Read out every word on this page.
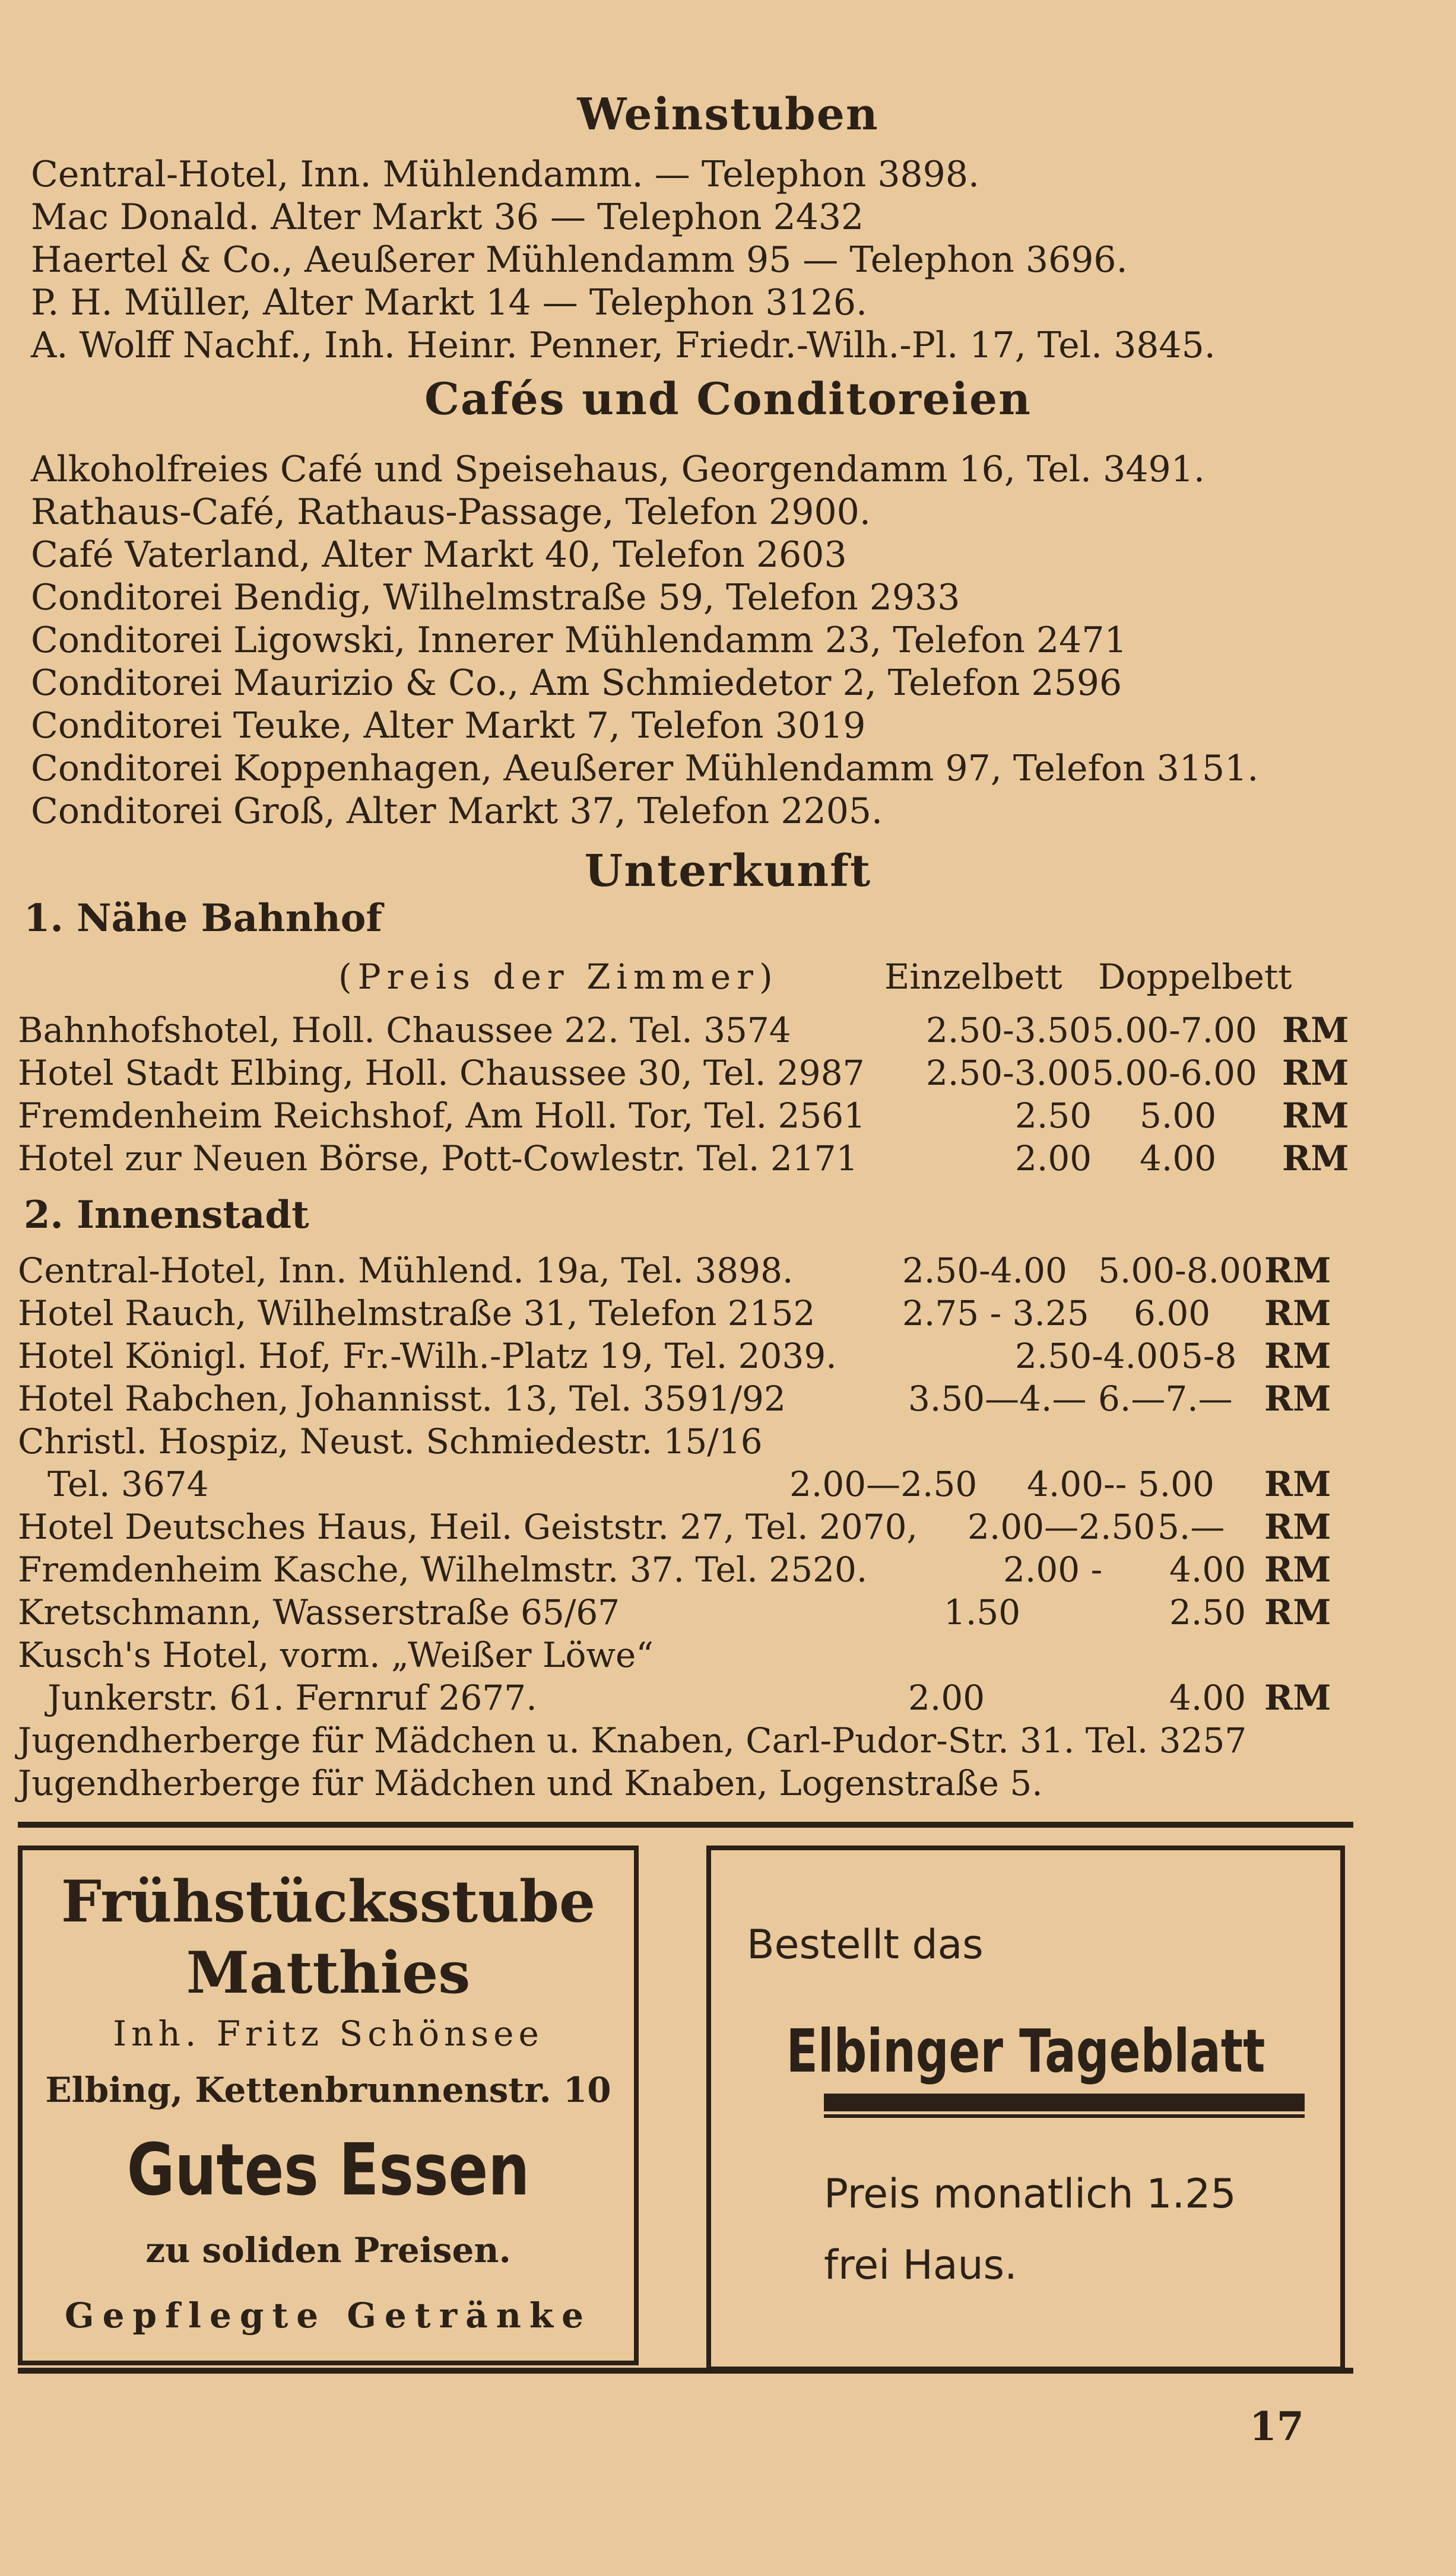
Weinstuben
Central-Hotel, Inn. Mühlendamm. — Telephon 3898.
Mac Donald. Alter Markt 36 — Telephon 2432
Haertel & Co., Aeußerer Mühlendamm 95 — Telephon 3696.
P. H. Müller, Alter Markt 14 — Telephon 3126.
A. Wolff Nachf., Inh. Heinr. Penner, Friedr.-Wilh.-Pl. 17, Tel. 3845.
Cafés und Conditoreien
Alkoholfreies Café und Speisehaus, Georgendamm 16, Tel. 3491.
Rathaus-Café, Rathaus-Passage, Telefon 2900.
Café Vaterland, Alter Markt 40, Telefon 2603
Conditorei Bendig, Wilhelmstraße 59, Telefon 2933
Conditorei Ligowski, Innerer Mühlendamm 23, Telefon 2471
Conditorei Maurizio & Co., Am Schmiedetor 2, Telefon 2596
Conditorei Teuke, Alter Markt 7, Telefon 3019
Conditorei Koppenhagen, Aeußerer Mühlendamm 97, Telefon 3151.
Conditorei Groß, Alter Markt 37, Telefon 2205.
Unterkunft
1. Nähe Bahnhof
(Preis der Zimmer)	Einzelbett Doppelbett
Bahnhofshotel, Holl. Chaussee 22. Tel. 3574	2.50-3.50 5.00-7.00 RM
Hotel Stadt Elbing, Holl. Chaussee 30, Tel. 2987 2.50-3.00 5.00-6.00 RM
Fremdenheim Reichshof, Am Holl. Tor, Tel. 2561	2.50 5.00 RM
Hotel zur Neuen Börse, Pott-Cowlestr. Tel. 2171	2.00 4.00 RM
2. Innenstadt
Central-Hotel, Inn. Mühlend. 19a, Tel. 3898.	2.50-4.00 5.00-8.00 RM
Hotel Rauch, Wilhelmstraße 31, Telefon 2152	2.75 - 3.25 6.00 RM
Hotel Königl. Hof, Fr.-Wilh.-Platz 19, Tel. 2039.	2.50-4.00 5-8 RM
Hotel Rabchen, Johannisst. 13, Tel. 3591/92	3.50—4.— 6.—7.— RM
Christl. Hospiz, Neust. Schmiedestr. 15/16
Tel. 3674	2.00—2.50 4.00-- 5.00 RM
Hotel Deutsches Haus, Heil. Geiststr. 27, Tel. 2070, 2.00—2.50 5.— RM
Fremdenheim Kasche, Wilhelmstr. 37. Tel. 2520.	2.00 - 4.00 RM
Kretschmann, Wasserstraße 65/67	1.50	2.50 RM
Kusch's Hotel, vorm. „Weißer Löwe“
Junkerstr. 61. Fernruf 2677.	2.00	4.00 RM
Jugendherberge für Mädchen u. Knaben, Carl-Pudor-Str. 31. Tel. 3257
Jugendherberge für Mädchen und Knaben, Logenstraße 5.
Frühstücksstube
Matthies
Inh. Fritz Schönsee
Elbing, Kettenbrunnenstr. 10
Gutes Essen
zu soliden Preisen.
Gepflegte Getränke
Bestellt das
Elbinger Tageblatt
Preis monatlich 1.25
frei Haus.
17
